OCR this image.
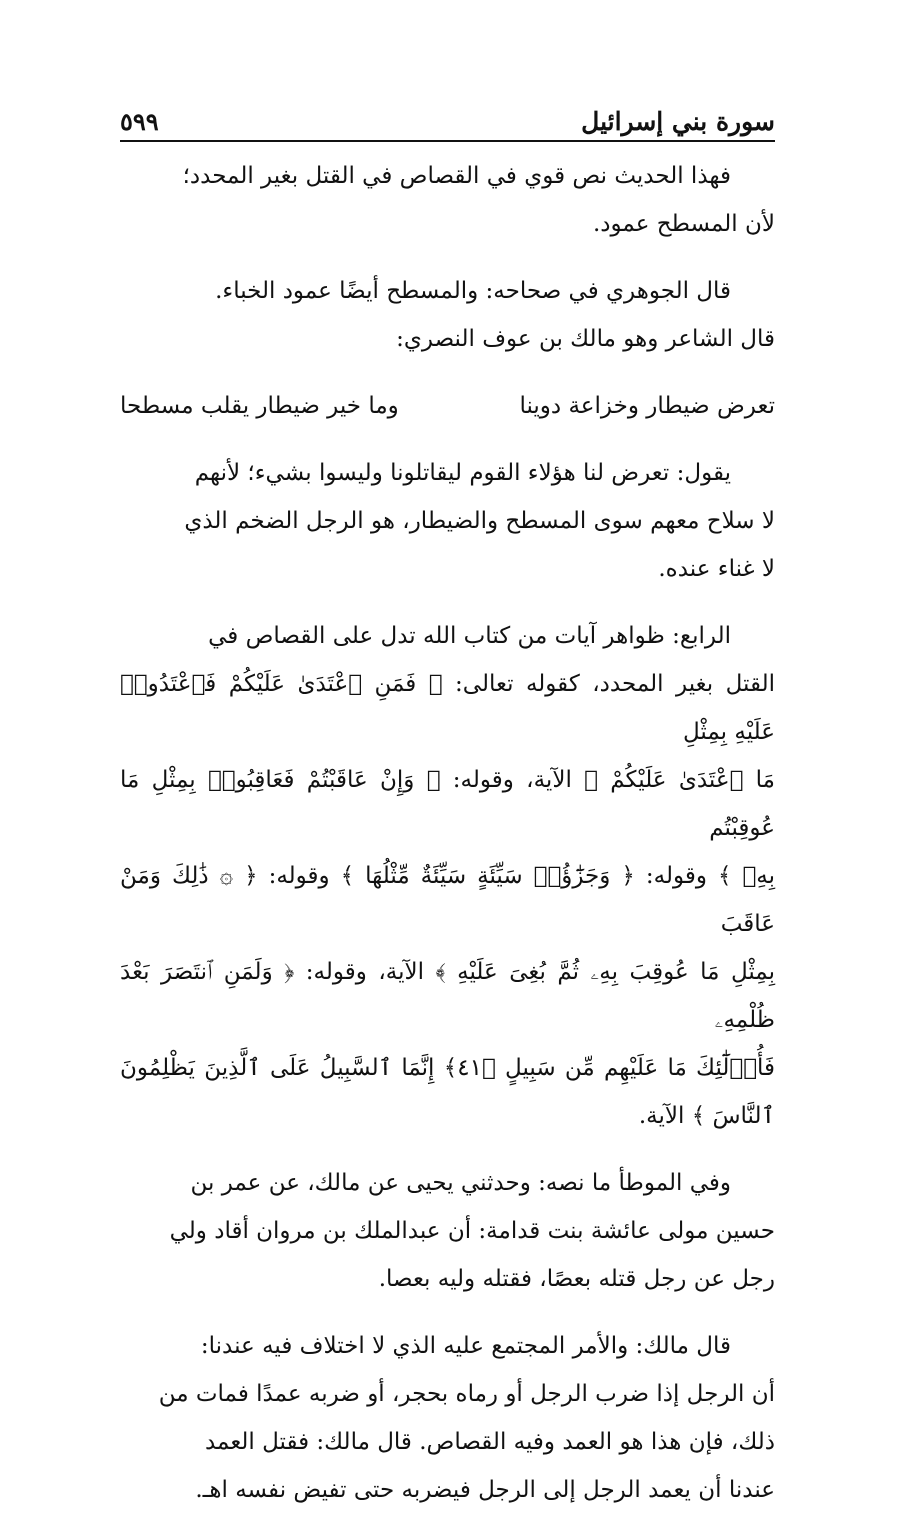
سورة بني إسرائيل
٥٩٩

فهذا الحديث نص قوي في القصاص في القتل بغير المحدد؛
لأن المسطح عمود.

قال الجوهري في صحاحه: والمسطح أيضًا عمود الخباء.
قال الشاعر وهو مالك بن عوف النصري:

تعرض ضيطار وخزاعة دوينا
وما خير ضيطار يقلب مسطحا

يقول: تعرض لنا هؤلاء القوم ليقاتلونا وليسوا بشيء؛ لأنهم
لا سلاح معهم سوى المسطح والضيطار، هو الرجل الضخم الذي
لا غناء عنده.

الرابع: ظواهر آيات من كتاب الله تدل على القصاص في
القتل بغير المحدد، كقوله تعالى: ﴿ فَمَنِ ٱعْتَدَىٰ عَلَيْكُمْ فَٱعْتَدُوا۟ عَلَيْهِ بِمِثْلِ
مَا ٱعْتَدَىٰ عَلَيْكُمْ ﴾ الآية، وقوله: ﴿ وَإِنْ عَاقَبْتُمْ فَعَاقِبُوا۟ بِمِثْلِ مَا عُوقِبْتُم
بِهِۦ ﴾ وقوله: ﴿ وَجَزَٰٓؤُا۟ سَيِّئَةٍ سَيِّئَةٌ مِّثْلُهَا ﴾ وقوله: ﴿ ۞ ذَٰلِكَ وَمَنْ عَاقَبَ
بِمِثْلِ مَا عُوقِبَ بِهِۦ ثُمَّ بُغِىَ عَلَيْهِ ﴾ الآية، وقوله: ﴿ وَلَمَنِ ٱنتَصَرَ بَعْدَ ظُلْمِهِۦ
فَأُو۟لَٰٓئِكَ مَا عَلَيْهِم مِّن سَبِيلٍ ﴿٤١﴾ إِنَّمَا ٱلسَّبِيلُ عَلَى ٱلَّذِينَ يَظْلِمُونَ ٱلنَّاسَ ﴾ الآية.

وفي الموطأ ما نصه: وحدثني يحيى عن مالك، عن عمر بن
حسين مولى عائشة بنت قدامة: أن عبدالملك بن مروان أقاد ولي
رجل عن رجل قتله بعصًا، فقتله وليه بعصا.

قال مالك: والأمر المجتمع عليه الذي لا اختلاف فيه عندنا:
أن الرجل إذا ضرب الرجل أو رماه بحجر، أو ضربه عمدًا فمات من
ذلك، فإن هذا هو العمد وفيه القصاص. قال مالك: فقتل العمد
عندنا أن يعمد الرجل إلى الرجل فيضربه حتى تفيض نفسه اهـ.
